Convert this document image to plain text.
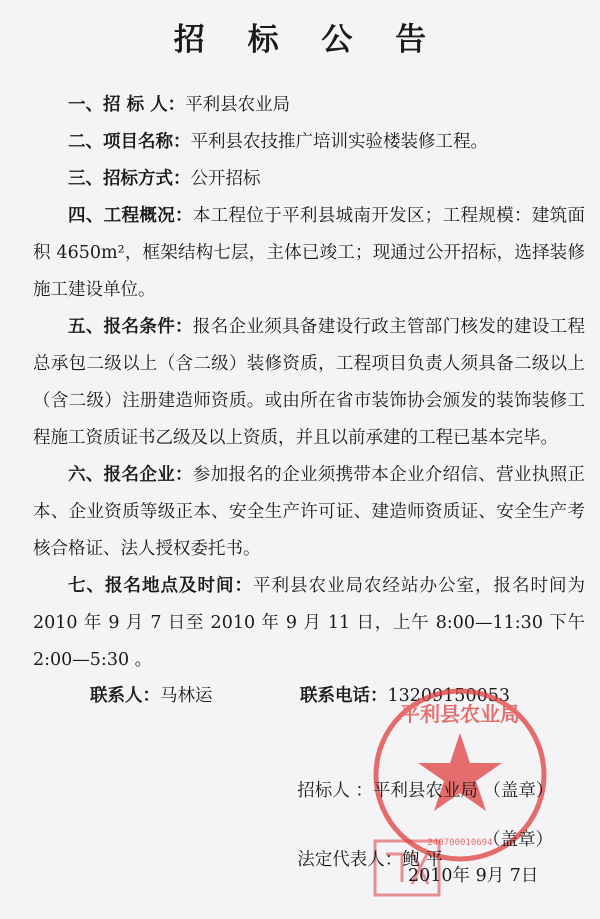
招 标 公 告

一、招 标 人：平利县农业局

二、项目名称：平利县农技推广培训实验楼装修工程。

三、招标方式：公开招标

四、工程概况：本工程位于平利县城南开发区；工程规模：建筑面积 4650m²，框架结构七层，主体已竣工；现通过公开招标，选择装修施工建设单位。

五、报名条件：报名企业须具备建设行政主管部门核发的建设工程总承包二级以上（含二级）装修资质，工程项目负责人须具备二级以上（含二级）注册建造师资质。或由所在省市装饰协会颁发的装饰装修工程施工资质证书乙级及以上资质，并且以前承建的工程已基本完毕。

六、报名企业：参加报名的企业须携带本企业介绍信、营业执照正本、企业资质等级正本、安全生产许可证、建造师资质证、安全生产考核合格证、法人授权委托书。

七、报名地点及时间：平利县农业局农经站办公室，报名时间为 2010 年 9 月 7 日至 2010 年 9 月 11 日，上午 8:00—11:30 下午 2:00—5:30 。

联系人：马林运	联系电话：13209150053
平利县农业局
240700010694

招标人 ：平利县农业局 （盖章）

法定代表人：鲍 平

（盖章）
2010年 9月 7日
